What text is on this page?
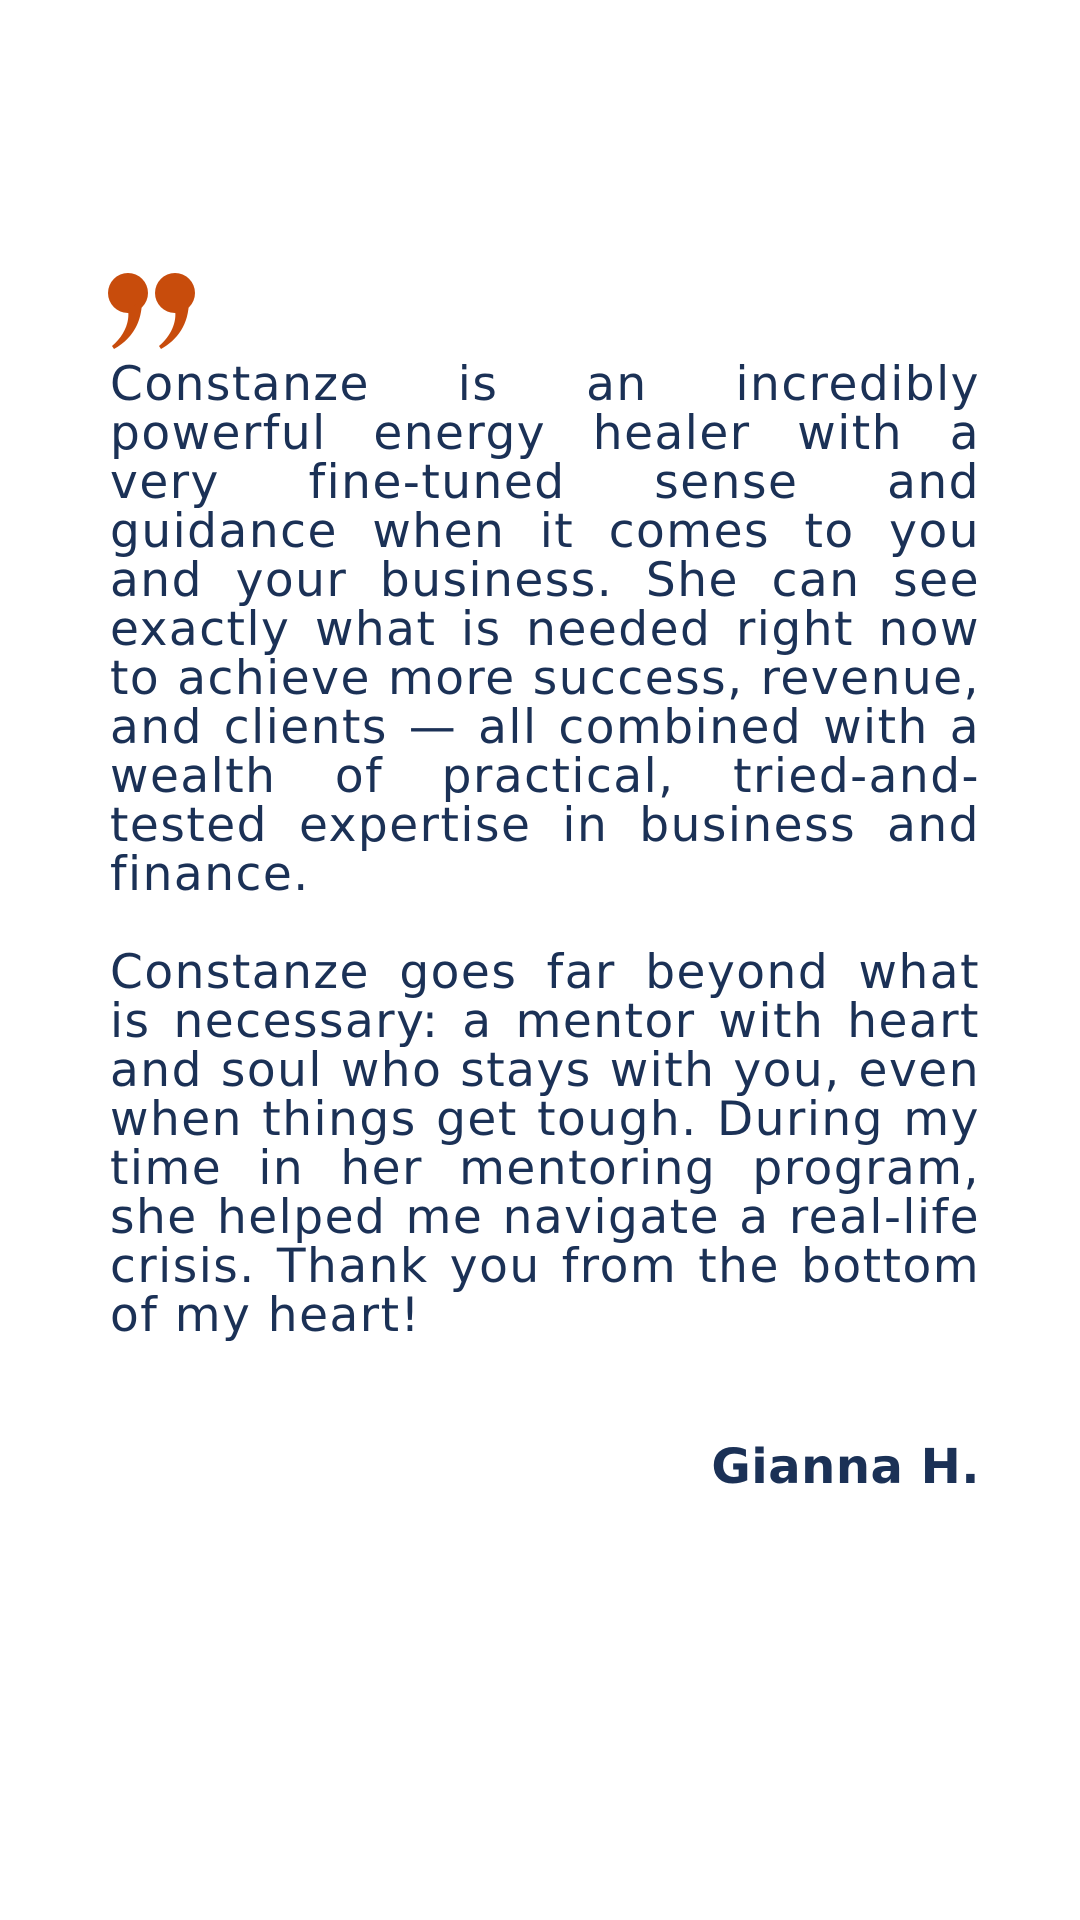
Constanze is an incredibly powerful energy healer with a very fine-tuned sense and guidance when it comes to you and your business. She can see exactly what is needed right now to achieve more success, revenue, and clients — all combined with a wealth of practical, tried-and-tested expertise in business and finance.

Constanze goes far beyond what is necessary: a mentor with heart and soul who stays with you, even when things get tough. During my time in her mentoring program, she helped me navigate a real-life crisis. Thank you from the bottom of my heart!

Gianna H.
